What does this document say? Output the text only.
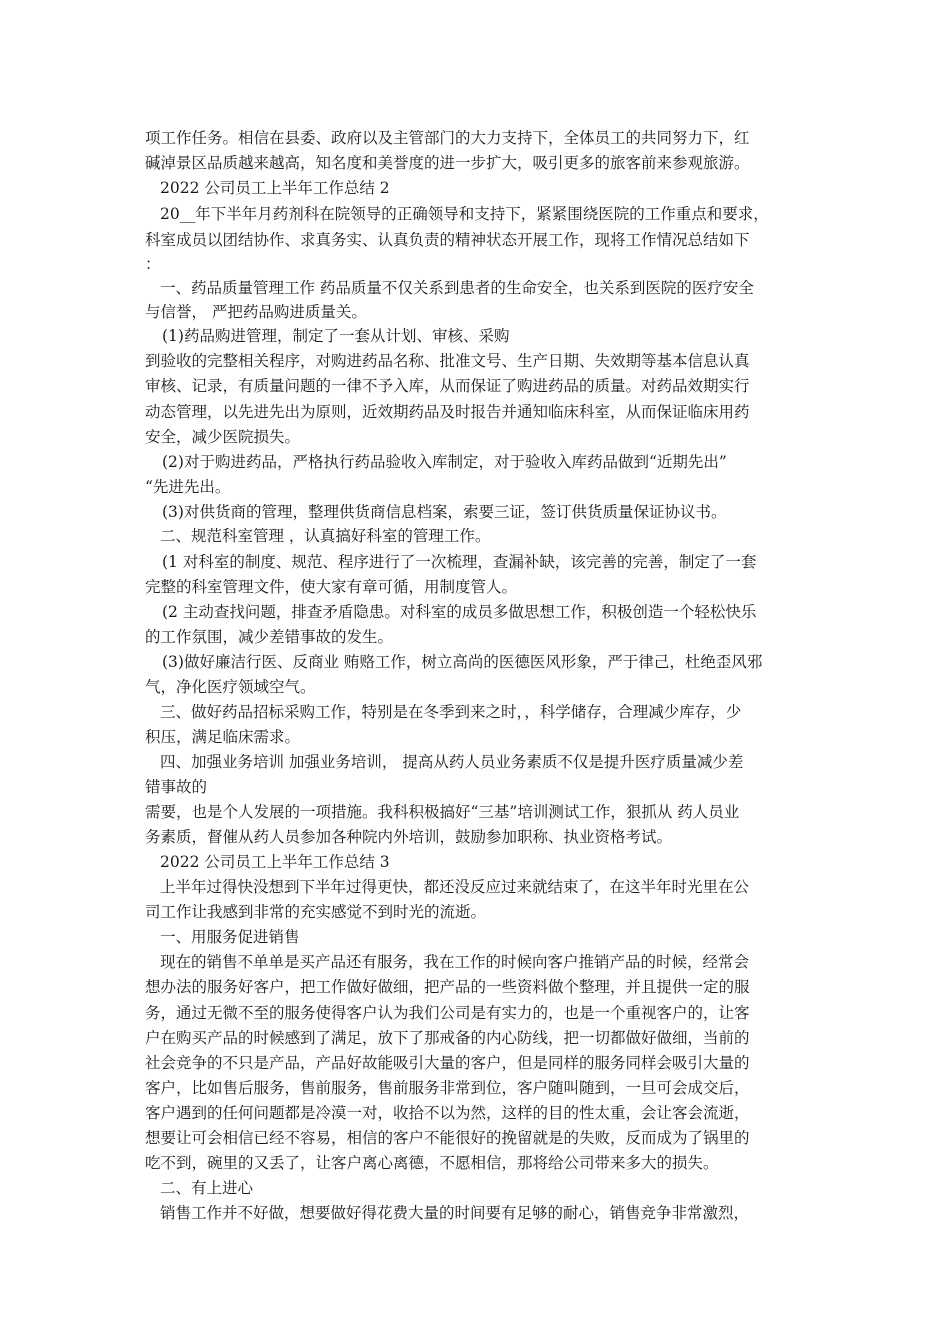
项工作任务。相信在县委、政府以及主管部门的大力支持下，全体员工的共同努力下，红
碱淖景区品质越来越高，知名度和美誉度的进一步扩大，吸引更多的旅客前来参观旅游。
2022 公司员工上半年工作总结 2
20__年下半年月药剂科在院领导的正确领导和支持下，紧紧围绕医院的工作重点和要求，
科室成员以团结协作、求真务实、认真负责的精神状态开展工作，现将工作情况总结如下
：
一、药品质量管理工作 药品质量不仅关系到患者的生命安全，也关系到医院的医疗安全
与信誉， 严把药品购进质量关。
(1)药品购进管理，制定了一套从计划、审核、采购
到验收的完整相关程序，对购进药品名称、批准文号、生产日期、失效期等基本信息认真
审核、记录，有质量问题的一律不予入库，从而保证了购进药品的质量。对药品效期实行
动态管理，以先进先出为原则，近效期药品及时报告并通知临床科室，从而保证临床用药
安全，减少医院损失。
(2)对于购进药品，严格执行药品验收入库制定，对于验收入库药品做到“近期先出”
“先进先出。
(3)对供货商的管理，整理供货商信息档案，索要三证，签订供货质量保证协议书。
二、规范科室管理 ，认真搞好科室的管理工作。
(1 对科室的制度、规范、程序进行了一次梳理，查漏补缺，该完善的完善，制定了一套
完整的科室管理文件，使大家有章可循，用制度管人。
(2 主动查找问题，排查矛盾隐患。对科室的成员多做思想工作，积极创造一个轻松快乐
的工作氛围，减少差错事故的发生。
(3)做好廉洁行医、反商业 贿赂工作，树立高尚的医德医风形象，严于律己，杜绝歪风邪
气，净化医疗领域空气。
三、做好药品招标采购工作，特别是在冬季到来之时，，科学储存，合理减少库存，少
积压，满足临床需求。
四、加强业务培训 加强业务培训， 提高从药人员业务素质不仅是提升医疗质量减少差
错事故的
需要，也是个人发展的一项措施。我科积极搞好“三基”培训测试工作，狠抓从 药人员业
务素质，督催从药人员参加各种院内外培训，鼓励参加职称、执业资格考试。
2022 公司员工上半年工作总结 3
上半年过得快没想到下半年过得更快，都还没反应过来就结束了，在这半年时光里在公
司工作让我感到非常的充实感觉不到时光的流逝。
一、用服务促进销售
现在的销售不单单是买产品还有服务，我在工作的时候向客户推销产品的时候，经常会
想办法的服务好客户，把工作做好做细，把产品的一些资料做个整理，并且提供一定的服
务，通过无微不至的服务使得客户认为我们公司是有实力的，也是一个重视客户的，让客
户在购买产品的时候感到了满足，放下了那戒备的内心防线，把一切都做好做细，当前的
社会竞争的不只是产品，产品好故能吸引大量的客户，但是同样的服务同样会吸引大量的
客户，比如售后服务，售前服务，售前服务非常到位，客户随叫随到，一旦可会成交后，
客户遇到的任何问题都是冷漠一对，收拾不以为然，这样的目的性太重，会让客会流逝，
想要让可会相信已经不容易，相信的客户不能很好的挽留就是的失败，反而成为了锅里的
吃不到，碗里的又丢了，让客户离心离德，不愿相信，那将给公司带来多大的损失。
二、有上进心
销售工作并不好做，想要做好得花费大量的时间要有足够的耐心，销售竞争非常激烈，
